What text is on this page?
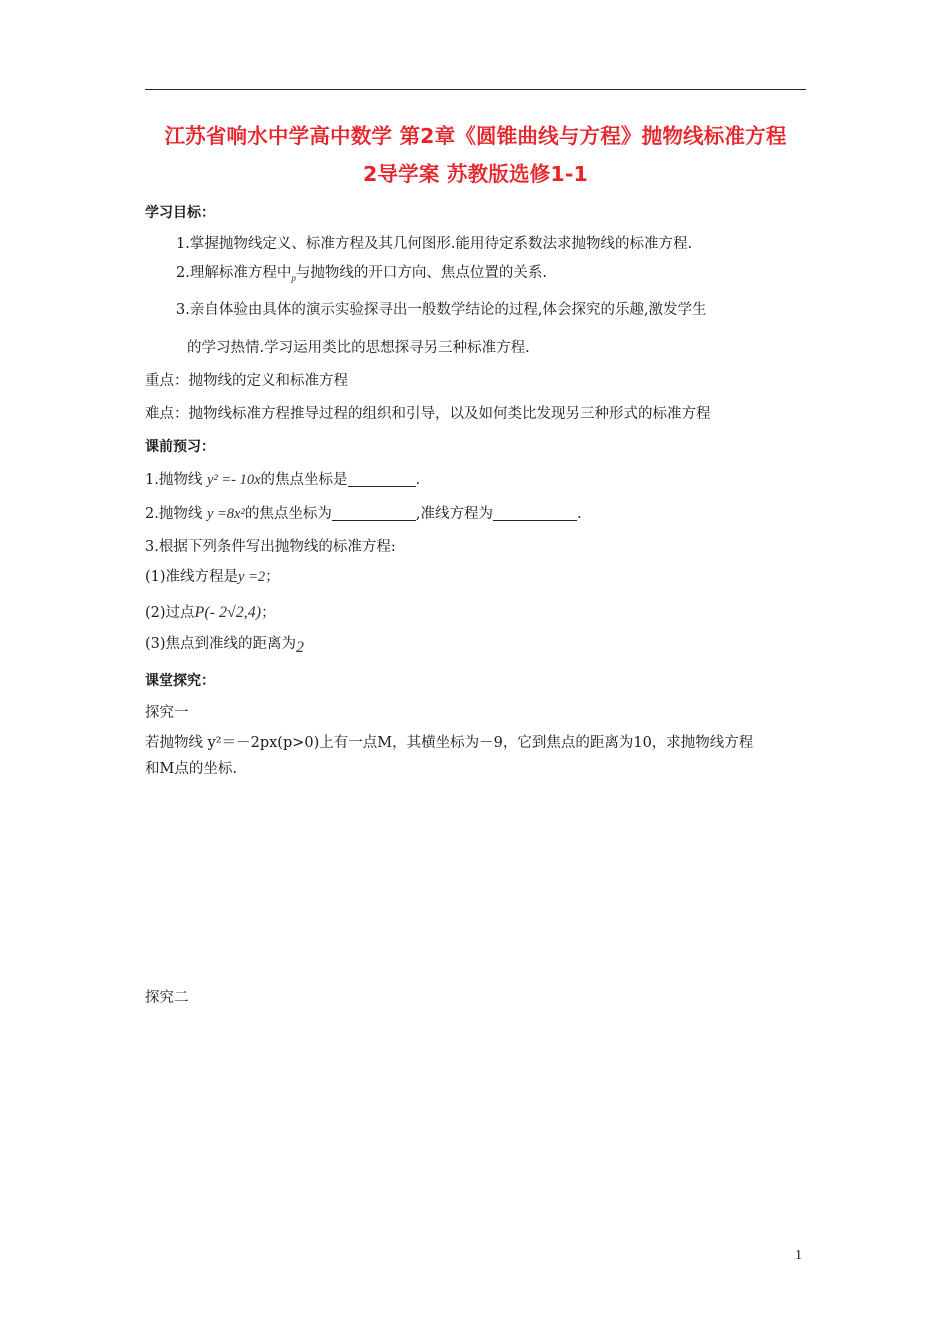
江苏省响水中学高中数学 第2章《圆锥曲线与方程》抛物线标准方程
2导学案 苏教版选修1-1
学习目标：
1.掌握抛物线定义、标准方程及其几何图形.能用待定系数法求抛物线的标准方程.
2.理解标准方程中$_p$与抛物线的开口方向、焦点位置的关系.
3.亲自体验由具体的演示实验探寻出一般数学结论的过程,体会探究的乐趣,激发学生
的学习热情.学习运用类比的思想探寻另三种标准方程.
重点：抛物线的定义和标准方程
难点：抛物线标准方程推导过程的组织和引导，以及如何类比发现另三种形式的标准方程
课前预习：
1.抛物线 y² =- 10x的焦点坐标是	.
2.抛物线 y =8x²的焦点坐标为	,准线方程为	.
3.根据下列条件写出抛物线的标准方程:
(1)准线方程是y =2；
(2)过点P(- 2√2,4)；
(3)焦点到准线的距离为2
课堂探究：
探究一
若抛物线 y²＝－2px(p>0)上有一点M，其横坐标为－9，它到焦点的距离为10，求抛物线方程
和M点的坐标.
探究二
1
